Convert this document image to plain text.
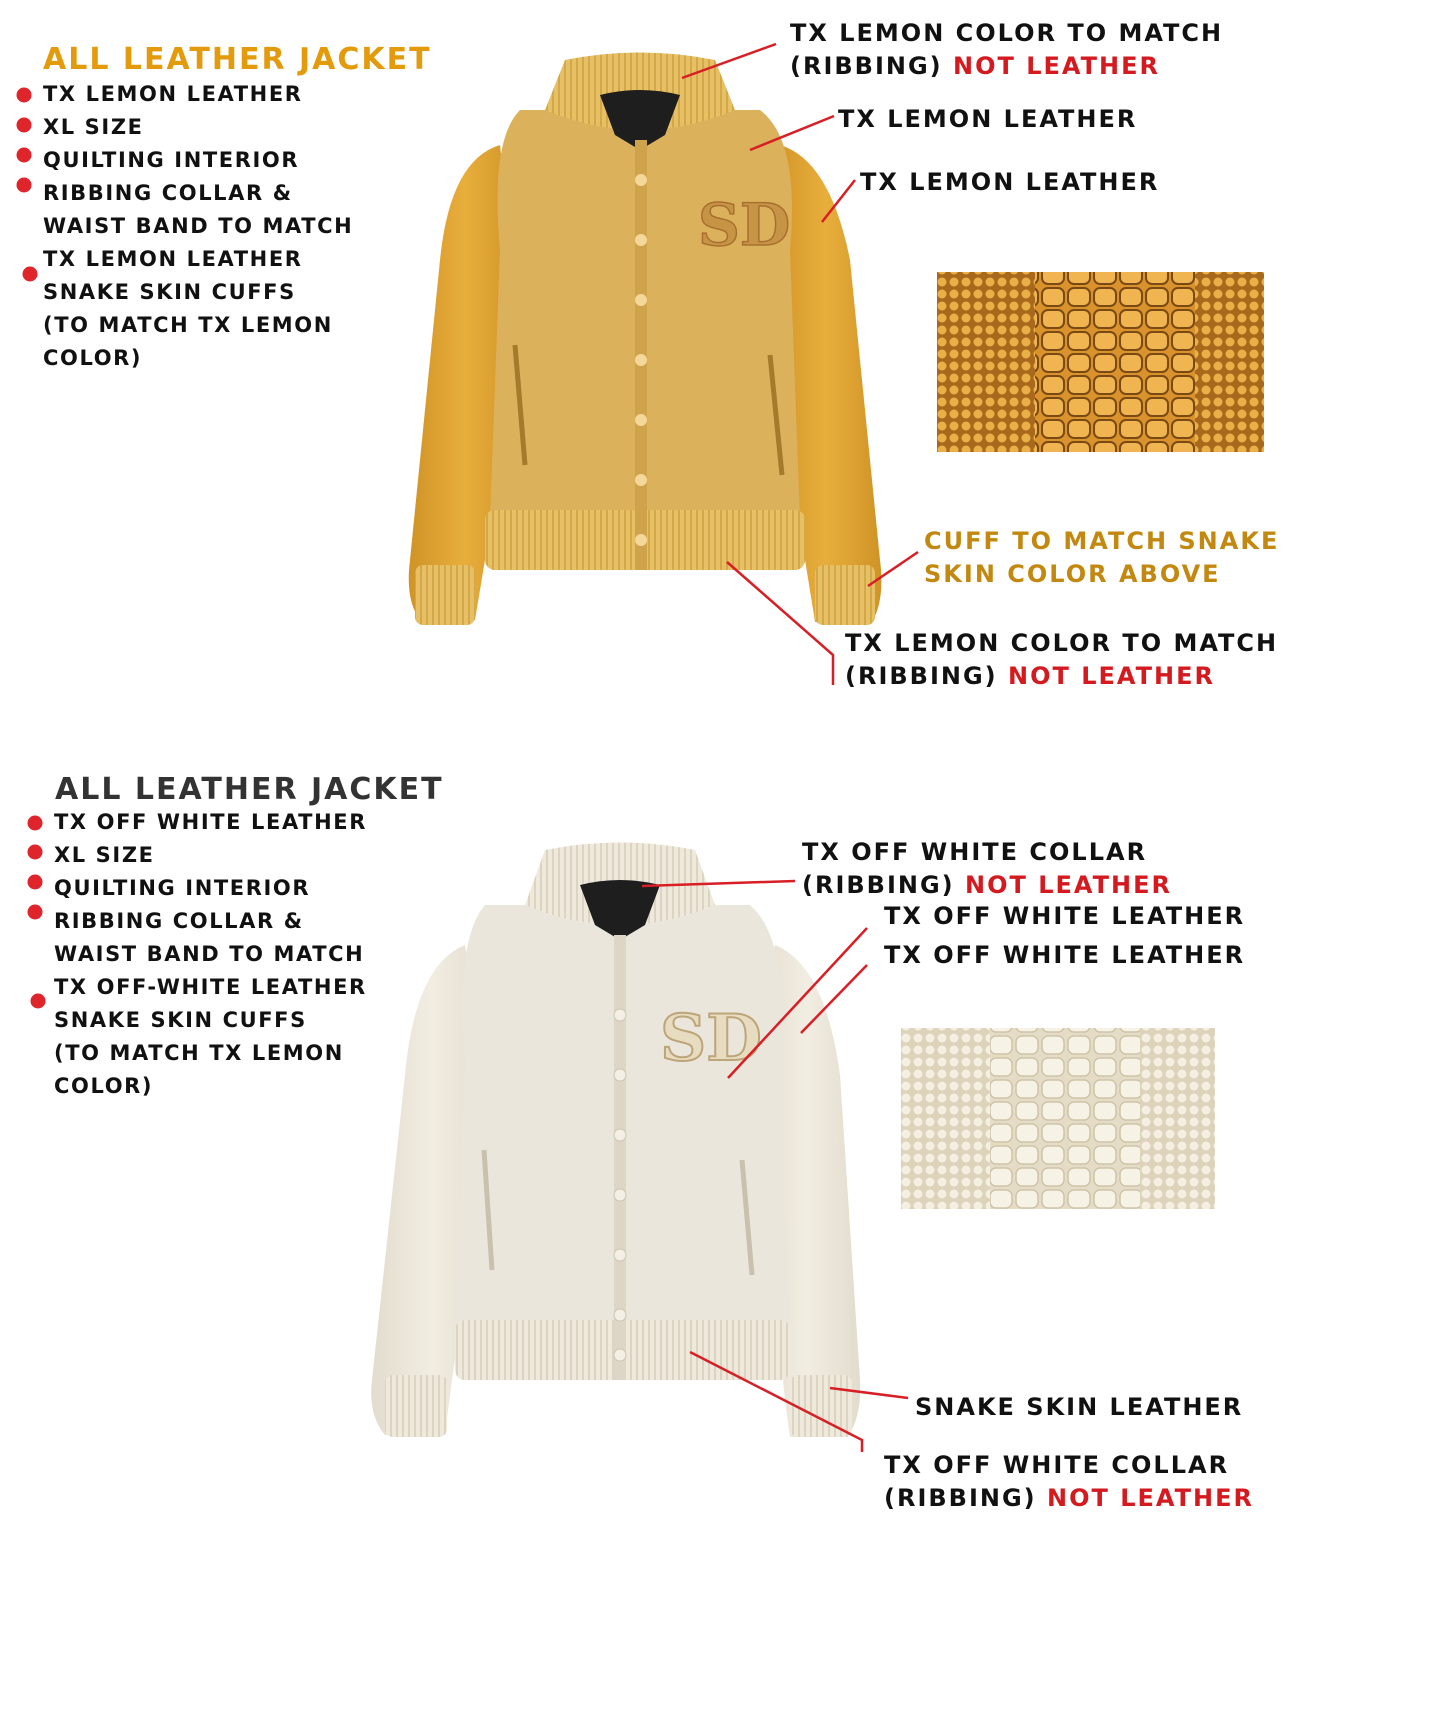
SD
SD
ALL LEATHER JACKET
TX LEMON LEATHER
XL SIZE
QUILTING INTERIOR
RIBBING COLLAR &
WAIST BAND TO MATCH
TX LEMON LEATHER
SNAKE SKIN CUFFS
(TO MATCH TX LEMON
COLOR)
TX LEMON COLOR TO MATCH
(RIBBING) NOT LEATHER
TX LEMON LEATHER
TX LEMON LEATHER
CUFF TO MATCH SNAKE
SKIN COLOR ABOVE
TX LEMON COLOR TO MATCH
(RIBBING) NOT LEATHER
ALL LEATHER JACKET
TX OFF WHITE LEATHER
XL SIZE
QUILTING INTERIOR
RIBBING COLLAR &
WAIST BAND TO MATCH
TX OFF-WHITE LEATHER
SNAKE SKIN CUFFS
(TO MATCH TX LEMON
COLOR)
TX OFF WHITE COLLAR
(RIBBING) NOT LEATHER
TX OFF WHITE LEATHER
TX OFF WHITE LEATHER
SNAKE SKIN LEATHER
TX OFF WHITE COLLAR
(RIBBING) NOT LEATHER
